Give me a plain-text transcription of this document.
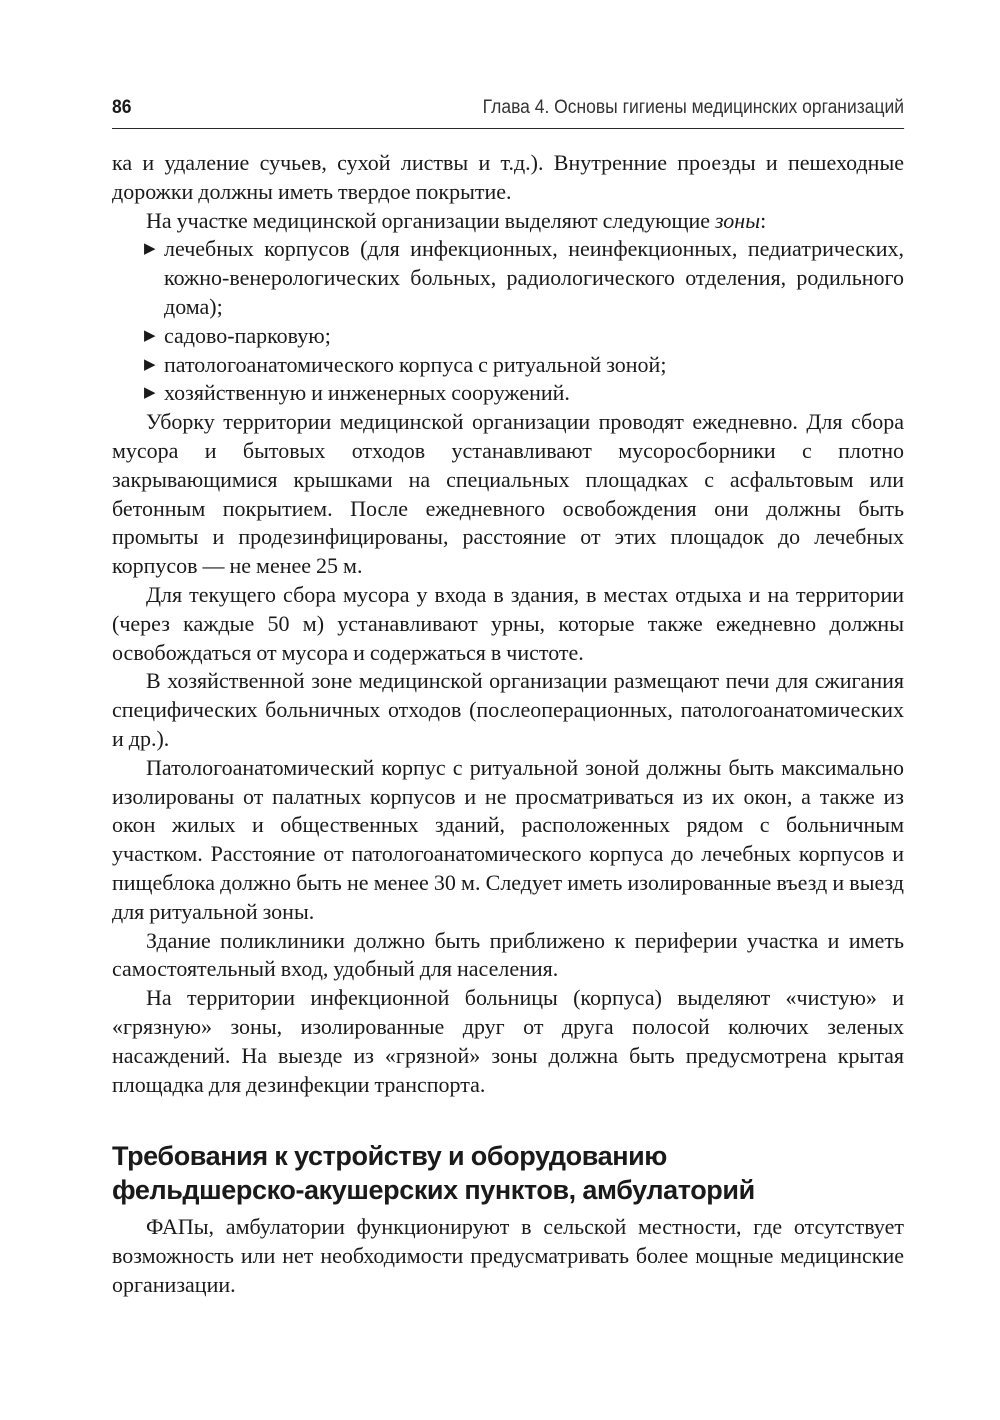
86	Глава 4. Основы гигиены медицинских организаций

ка и удаление сучьев, сухой листвы и т.д.). Внутренние проезды и пешеходные дорожки должны иметь твердое покрытие.

На участке медицинской организации выделяют следующие зоны:

▶ лечебных корпусов (для инфекционных, неинфекционных, педиатрических, кожно-венерологических больных, радиологического отделения, родильного дома);
▶ садово-парковую;
▶ патологоанатомического корпуса с ритуальной зоной;
▶ хозяйственную и инженерных сооружений.

Уборку территории медицинской организации проводят ежедневно. Для сбора мусора и бытовых отходов устанавливают мусоросборники с плотно закрывающимися крышками на специальных площадках с асфальтовым или бетонным покрытием. После ежедневного освобождения они должны быть промыты и продезинфицированы, расстояние от этих площадок до лечебных корпусов — не менее 25 м.

Для текущего сбора мусора у входа в здания, в местах отдыха и на территории (через каждые 50 м) устанавливают урны, которые также ежедневно должны освобождаться от мусора и содержаться в чистоте.

В хозяйственной зоне медицинской организации размещают печи для сжигания специфических больничных отходов (послеоперационных, патологоанатомических и др.).

Патологоанатомический корпус с ритуальной зоной должны быть максимально изолированы от палатных корпусов и не просматриваться из их окон, а также из окон жилых и общественных зданий, расположенных рядом с больничным участком. Расстояние от патологоанатомического корпуса до лечебных корпусов и пищеблока должно быть не менее 30 м. Следует иметь изолированные въезд и выезд для ритуальной зоны.

Здание поликлиники должно быть приближено к периферии участка и иметь самостоятельный вход, удобный для населения.

На территории инфекционной больницы (корпуса) выделяют «чистую» и «грязную» зоны, изолированные друг от друга полосой колючих зеленых насаждений. На выезде из «грязной» зоны должна быть предусмотрена крытая площадка для дезинфекции транспорта.

Требования к устройству и оборудованию
фельдшерско-акушерских пунктов, амбулаторий

ФАПы, амбулатории функционируют в сельской местности, где отсутствует возможность или нет необходимости предусматривать более мощные медицинские организации.
